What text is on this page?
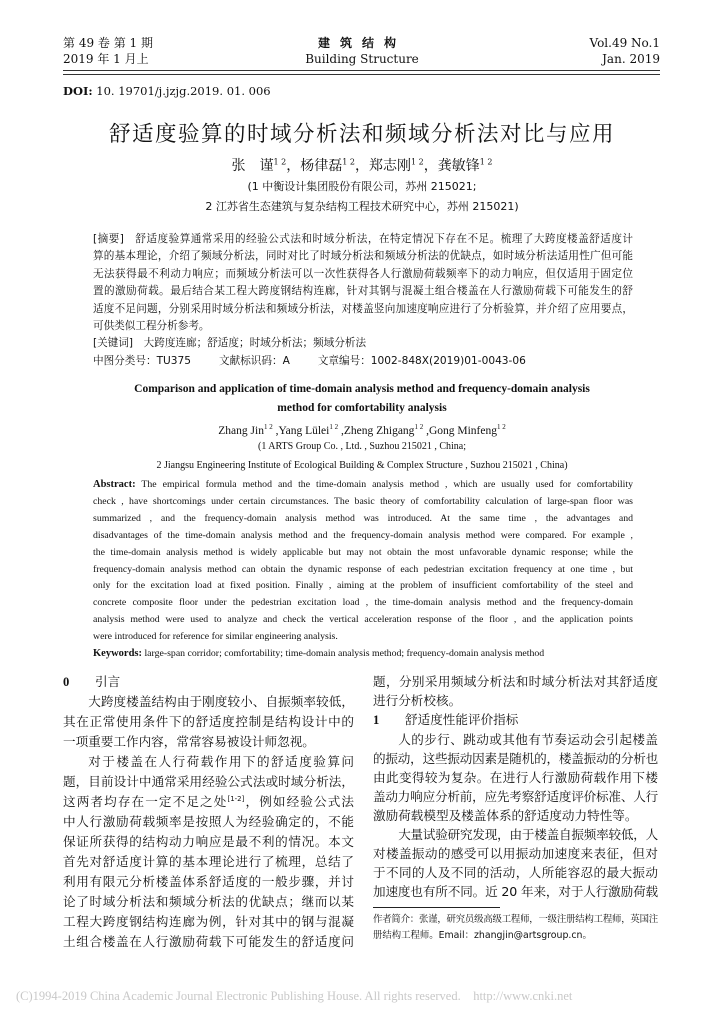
第 49 卷 第 1 期
2019 年 1 月上
建筑结构
Building Structure
Vol.49 No.1
Jan. 2019
DOI: 10. 19701/j.jzjg.2019. 01. 006
舒适度验算的时域分析法和频域分析法对比与应用
张　谨$^{1 2}$，杨律磊$^{1 2}$，郑志刚$^{1 2}$，龚敏锋$^{1 2}$
(1 中衡设计集团股份有限公司，苏州 215021;
2 江苏省生态建筑与复杂结构工程技术研究中心，苏州 215021)
[摘要]　舒适度验算通常采用的经验公式法和时域分析法，在特定情况下存在不足。梳理了大跨度楼盖舒适度计
算的基本理论，介绍了频域分析法，同时对比了时域分析法和频域分析法的优缺点，如时域分析法适用性广但可能
无法获得最不利动力响应；而频域分析法可以一次性获得各人行激励荷载频率下的动力响应，但仅适用于固定位
置的激励荷载。最后结合某工程大跨度钢结构连廊，针对其钢与混凝土组合楼盖在人行激励荷载下可能发生的舒
适度不足问题，分别采用时域分析法和频域分析法，对楼盖竖向加速度响应进行了分析验算，并介绍了应用要点，
可供类似工程分析参考。
[关键词]　大跨度连廊；舒适度；时域分析法；频域分析法
中图分类号：TU375	文献标识码：A	文章编号：1002-848X(2019)01-0043-06
Comparison and application of time-domain analysis method and frequency-domain analysis
method for comfortability analysis
Zhang Jin$^{1 2}$ ,Yang Lülei$^{1 2}$ ,Zheng Zhigang$^{1 2}$ ,Gong Minfeng$^{1 2}$
(1 ARTS Group Co. , Ltd. , Suzhou 215021 , China;
2 Jiangsu Engineering Institute of Ecological Building & Complex Structure , Suzhou 215021 , China)
Abstract: The empirical formula method and the time-domain analysis method , which are usually used for comfortability
check , have shortcomings under certain circumstances. The basic theory of comfortability calculation of large-span floor was
summarized , and the frequency-domain analysis method was introduced. At the same time , the advantages and
disadvantages of the time-domain analysis method and the frequency-domain analysis method were compared. For example ,
the time-domain analysis method is widely applicable but may not obtain the most unfavorable dynamic response; while the
frequency-domain analysis method can obtain the dynamic response of each pedestrian excitation frequency at one time , but
only for the excitation load at fixed position. Finally , aiming at the problem of insufficient comfortability of the steel and
concrete composite floor under the pedestrian excitation load , the time-domain analysis method and the frequency-domain
analysis method were used to analyze and check the vertical acceleration response of the floor , and the application points
were introduced for reference for similar engineering analysis.
Keywords: large-span corridor; comfortability; time-domain analysis method; frequency-domain analysis method
0 引言
大跨度楼盖结构由于刚度较小、自振频率较低，
其在正常使用条件下的舒适度控制是结构设计中的
一项重要工作内容，常常容易被设计师忽视。
对于楼盖在人行荷载作用下的舒适度验算问
题，目前设计中通常采用经验公式法或时域分析法，
这两者均存在一定不足之处[1-2]，例如经验公式法
中人行激励荷载频率是按照人为经验确定的，不能
保证所获得的结构动力响应是最不利的情况。本文
首先对舒适度计算的基本理论进行了梳理，总结了
利用有限元分析楼盖体系舒适度的一般步骤，并讨
论了时域分析法和频域分析法的优缺点；继而以某
工程大跨度钢结构连廊为例，针对其中的钢与混凝
土组合楼盖在人行激励荷载下可能发生的舒适度问
题，分别采用频域分析法和时域分析法对其舒适度
进行分析校核。
1 舒适度性能评价指标
人的步行、跳动或其他有节奏运动会引起楼盖
的振动，这些振动因素是随机的，楼盖振动的分析也
由此变得较为复杂。在进行人行激励荷载作用下楼
盖动力响应分析前，应先考察舒适度评价标准、人行
激励荷载模型及楼盖体系的舒适度动力特性等。
大量试验研究发现，由于楼盖自振频率较低，人
对楼盖振动的感受可以用振动加速度来表征，但对
于不同的人及不同的活动，人所能容忍的最大振动
加速度也有所不同。近 20 年来，对于人行激励荷载
作者简介：张谨，研究员级高级工程师，一级注册结构工程师，英国注
册结构工程师。Email：zhangjin@artsgroup.cn。
(C)1994-2019 China Academic Journal Electronic Publishing House. All rights reserved.    http://www.cnki.net
